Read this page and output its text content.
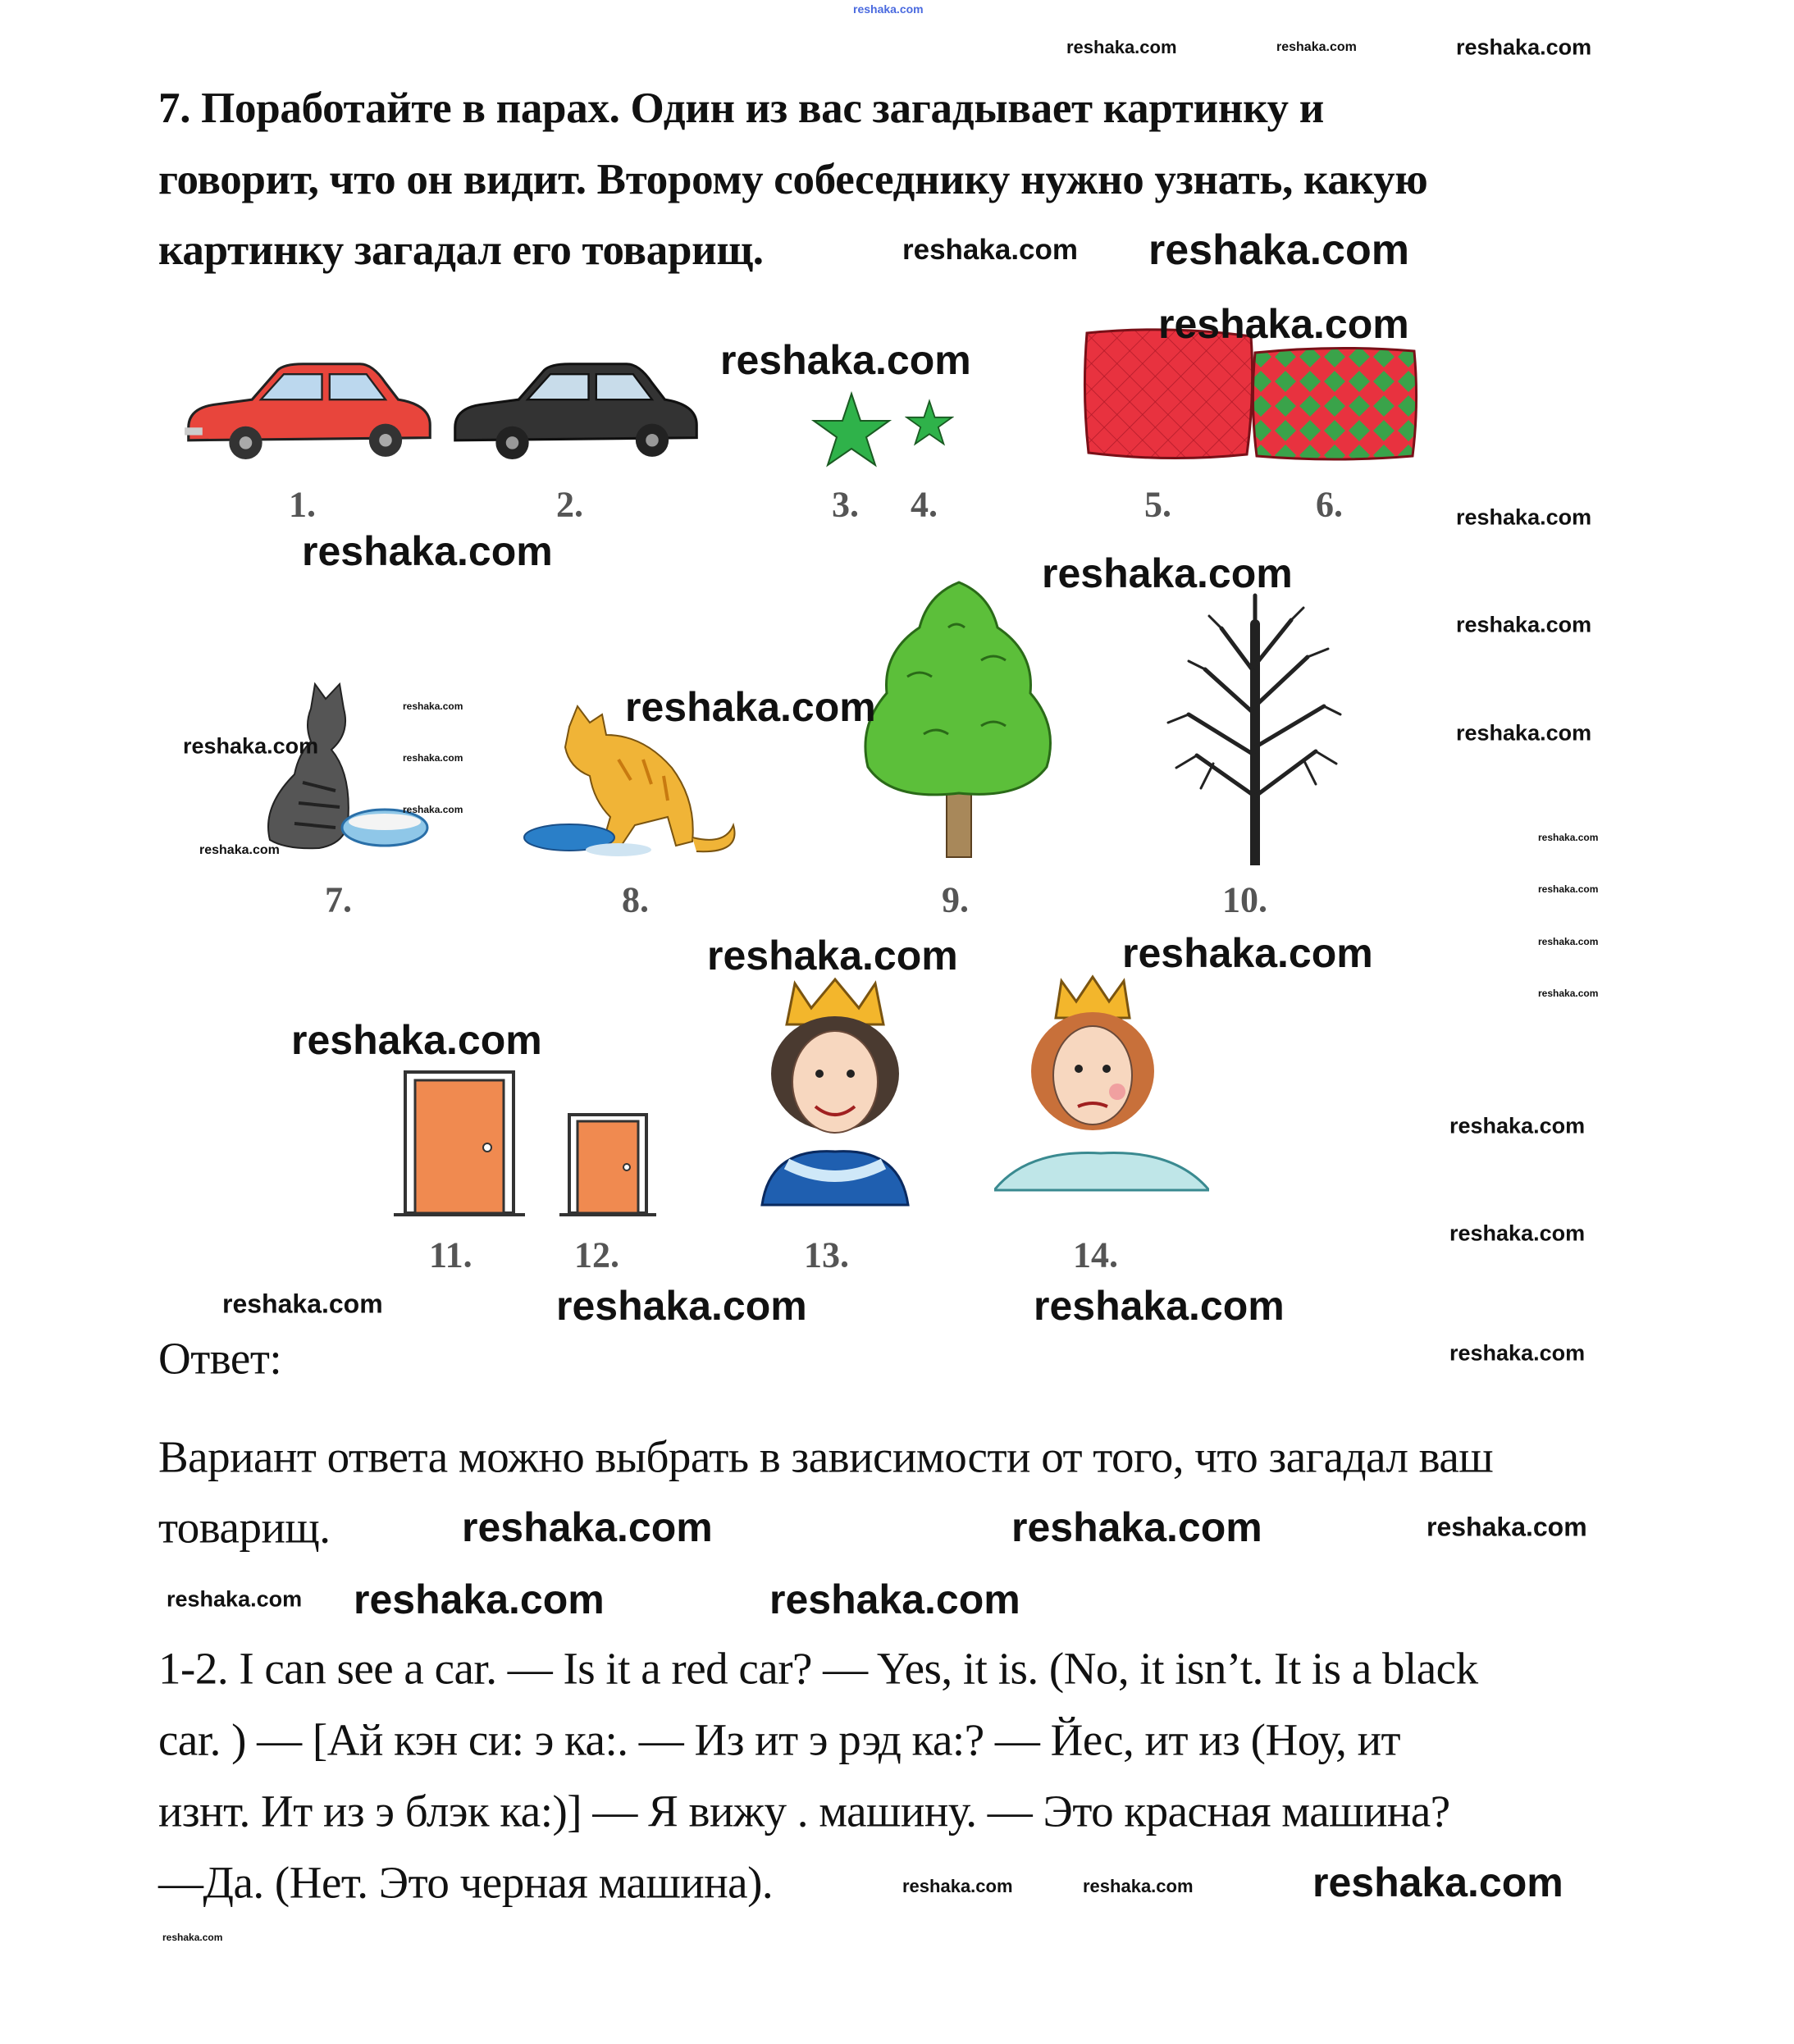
7. Поработайте в парах. Один из вас загадывает картинку и
говорит, что он видит. Второму собеседнику нужно узнать, какую
картинку загадал его товарищ.
1.	2.	3. 4.	5.	6.
7.	8.	9.	10.
11.	12.	13.	14.
Ответ:
Вариант ответа можно выбрать в зависимости от того, что загадал ваш
товарищ.
1-2. I can see a car. — Is it a red car? — Yes, it is. (No, it isn’t. It is a black
car. ) — [Ай кэн си: э ка:. — Из ит э рэд ка:? — Йес, ит из (Ноу, ит
изнт. Ит из э блэк ка:)] — Я вижу . машину. — Это красная машина?
—Да. (Нет. Это черная машина).
reshaka.com
reshaka.com	reshaka.com	reshaka.com
reshaka.com reshaka.com
reshaka.com
reshaka.com
reshaka.com
reshaka.com
reshaka.com
reshaka.com
reshaka.com
reshaka.com
reshaka.com
reshaka.com
reshaka.com
reshaka.com
reshaka.com
reshaka.com
reshaka.com
reshaka.com
reshaka.com
reshaka.com
reshaka.com
reshaka.com
reshaka.com
reshaka.com
reshaka.com	reshaka.com	reshaka.com
reshaka.com
reshaka.com	reshaka.com	reshaka.com
reshaka.com reshaka.com	reshaka.com
reshaka.com
reshaka.com
reshaka.com	reshaka.com
